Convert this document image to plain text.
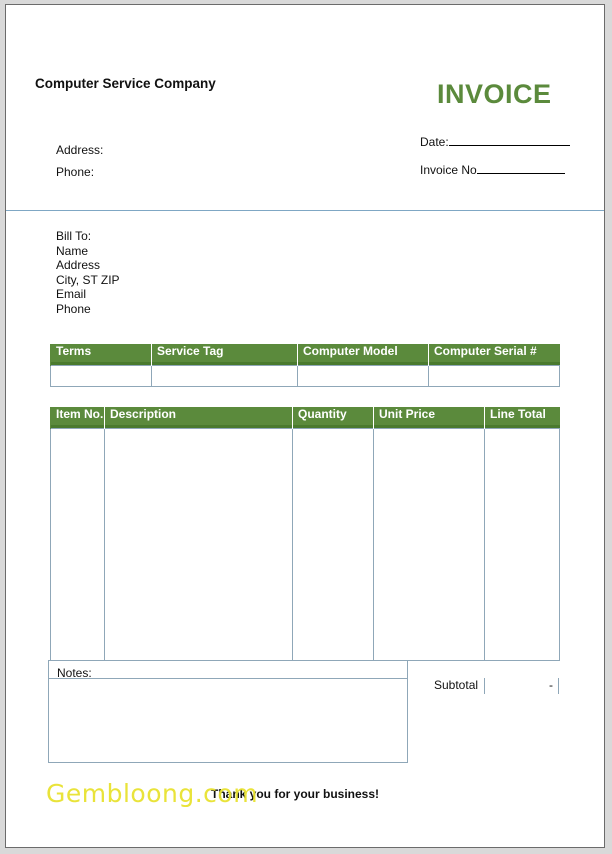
Computer Service Company	INVOICE
Address:
Phone:
Date:
Invoice No
Bill To:
Name
Address
City, ST ZIP
Email
Phone
Terms	Service Tag	Computer Model	Computer Serial #

Item No.	Description	Quantity	Unit Price	Line Total

Notes:
Subtotal	-
Thank you for your business!
Gembloong.com
